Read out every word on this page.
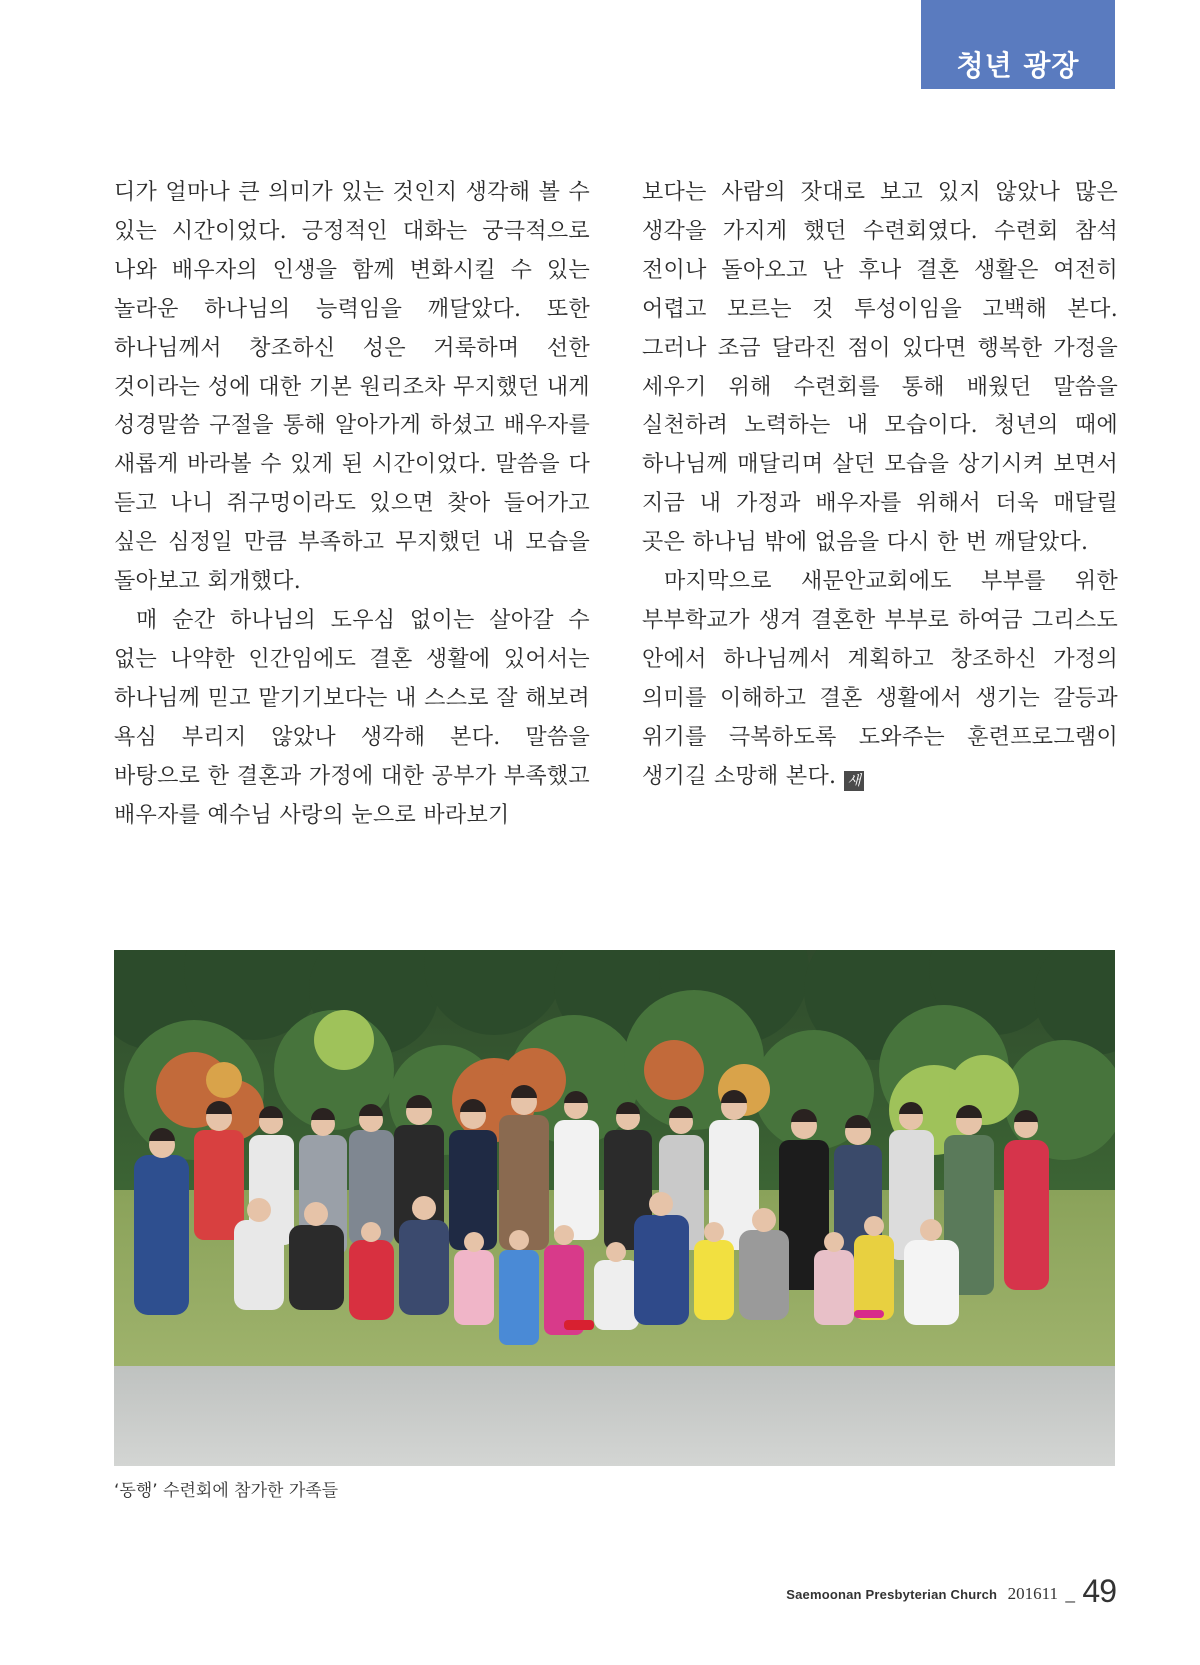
청년 광장

디가 얼마나 큰 의미가 있는 것인지 생각해 볼 수 있는 시간이었다. 긍정적인 대화는 궁극적으로 나와 배우자의 인생을 함께 변화시킬 수 있는 놀라운 하나님의 능력임을 깨달았다. 또한 하나님께서 창조하신 성은 거룩하며 선한 것이라는 성에 대한 기본 원리조차 무지했던 내게 성경말씀 구절을 통해 알아가게 하셨고 배우자를 새롭게 바라볼 수 있게 된 시간이었다. 말씀을 다 듣고 나니 쥐구멍이라도 있으면 찾아 들어가고 싶은 심정일 만큼 부족하고 무지했던 내 모습을 돌아보고 회개했다.

매 순간 하나님의 도우심 없이는 살아갈 수 없는 나약한 인간임에도 결혼 생활에 있어서는 하나님께 믿고 맡기기보다는 내 스스로 잘 해보려 욕심 부리지 않았나 생각해 본다. 말씀을 바탕으로 한 결혼과 가정에 대한 공부가 부족했고 배우자를 예수님 사랑의 눈으로 바라보기

보다는 사람의 잣대로 보고 있지 않았나 많은 생각을 가지게 했던 수련회였다. 수련회 참석 전이나 돌아오고 난 후나 결혼 생활은 여전히 어렵고 모르는 것 투성이임을 고백해 본다. 그러나 조금 달라진 점이 있다면 행복한 가정을 세우기 위해 수련회를 통해 배웠던 말씀을 실천하려 노력하는 내 모습이다. 청년의 때에 하나님께 매달리며 살던 모습을 상기시켜 보면서 지금 내 가정과 배우자를 위해서 더욱 매달릴 곳은 하나님 밖에 없음을 다시 한 번 깨달았다.

마지막으로 새문안교회에도 부부를 위한 부부학교가 생겨 결혼한 부부로 하여금 그리스도 안에서 하나님께서 계획하고 창조하신 가정의 의미를 이해하고 결혼 생활에서 생기는 갈등과 위기를 극복하도록 도와주는 훈련프로그램이 생기길 소망해 본다. 새

‘동행’ 수련회에 참가한 가족들
Saemoonan Presbyterian Church 201611 _ 49
